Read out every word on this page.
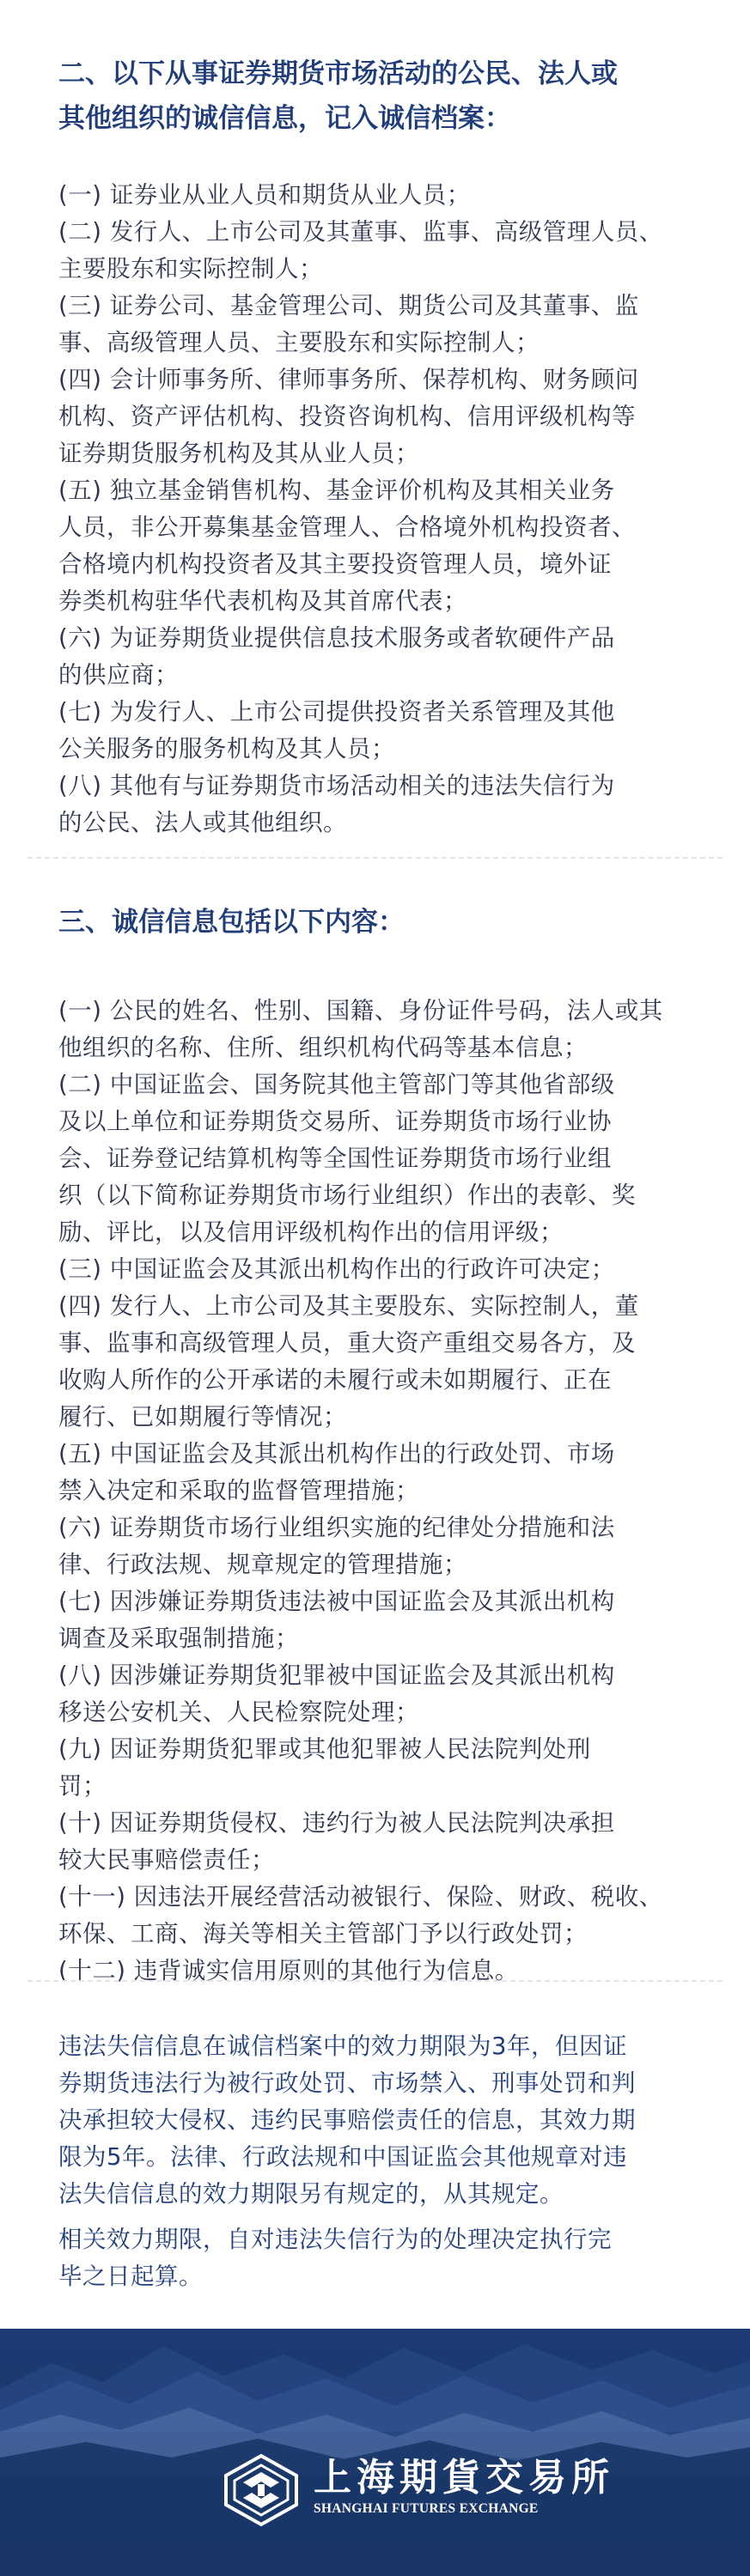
二、以下从事证券期货市场活动的公民、法人或
其他组织的诚信信息，记入诚信档案：
(一) 证券业从业人员和期货从业人员；
(二) 发行人、上市公司及其董事、监事、高级管理人员、
主要股东和实际控制人；
(三) 证券公司、基金管理公司、期货公司及其董事、监
事、高级管理人员、主要股东和实际控制人；
(四) 会计师事务所、律师事务所、保荐机构、财务顾问
机构、资产评估机构、投资咨询机构、信用评级机构等
证券期货服务机构及其从业人员；
(五) 独立基金销售机构、基金评价机构及其相关业务
人员，非公开募集基金管理人、合格境外机构投资者、
合格境内机构投资者及其主要投资管理人员，境外证
券类机构驻华代表机构及其首席代表；
(六) 为证券期货业提供信息技术服务或者软硬件产品
的供应商；
(七) 为发行人、上市公司提供投资者关系管理及其他
公关服务的服务机构及其人员；
(八) 其他有与证券期货市场活动相关的违法失信行为
的公民、法人或其他组织。
三、诚信信息包括以下内容：
(一) 公民的姓名、性别、国籍、身份证件号码，法人或其
他组织的名称、住所、组织机构代码等基本信息；
(二) 中国证监会、国务院其他主管部门等其他省部级
及以上单位和证券期货交易所、证券期货市场行业协
会、证券登记结算机构等全国性证券期货市场行业组
织（以下简称证券期货市场行业组织）作出的表彰、奖
励、评比，以及信用评级机构作出的信用评级；
(三) 中国证监会及其派出机构作出的行政许可决定；
(四) 发行人、上市公司及其主要股东、实际控制人，董
事、监事和高级管理人员，重大资产重组交易各方，及
收购人所作的公开承诺的未履行或未如期履行、正在
履行、已如期履行等情况；
(五) 中国证监会及其派出机构作出的行政处罚、市场
禁入决定和采取的监督管理措施；
(六) 证券期货市场行业组织实施的纪律处分措施和法
律、行政法规、规章规定的管理措施；
(七) 因涉嫌证券期货违法被中国证监会及其派出机构
调查及采取强制措施；
(八) 因涉嫌证券期货犯罪被中国证监会及其派出机构
移送公安机关、人民检察院处理；
(九) 因证券期货犯罪或其他犯罪被人民法院判处刑
罚；
(十) 因证券期货侵权、违约行为被人民法院判决承担
较大民事赔偿责任；
(十一) 因违法开展经营活动被银行、保险、财政、税收、
环保、工商、海关等相关主管部门予以行政处罚；
(十二) 违背诚实信用原则的其他行为信息。
违法失信信息在诚信档案中的效力期限为3年，但因证
券期货违法行为被行政处罚、市场禁入、刑事处罚和判
决承担较大侵权、违约民事赔偿责任的信息，其效力期
限为5年。法律、行政法规和中国证监会其他规章对违
法失信信息的效力期限另有规定的，从其规定。
相关效力期限，自对违法失信行为的处理决定执行完
毕之日起算。
上海期貨交易所
SHANGHAI FUTURES EXCHANGE
